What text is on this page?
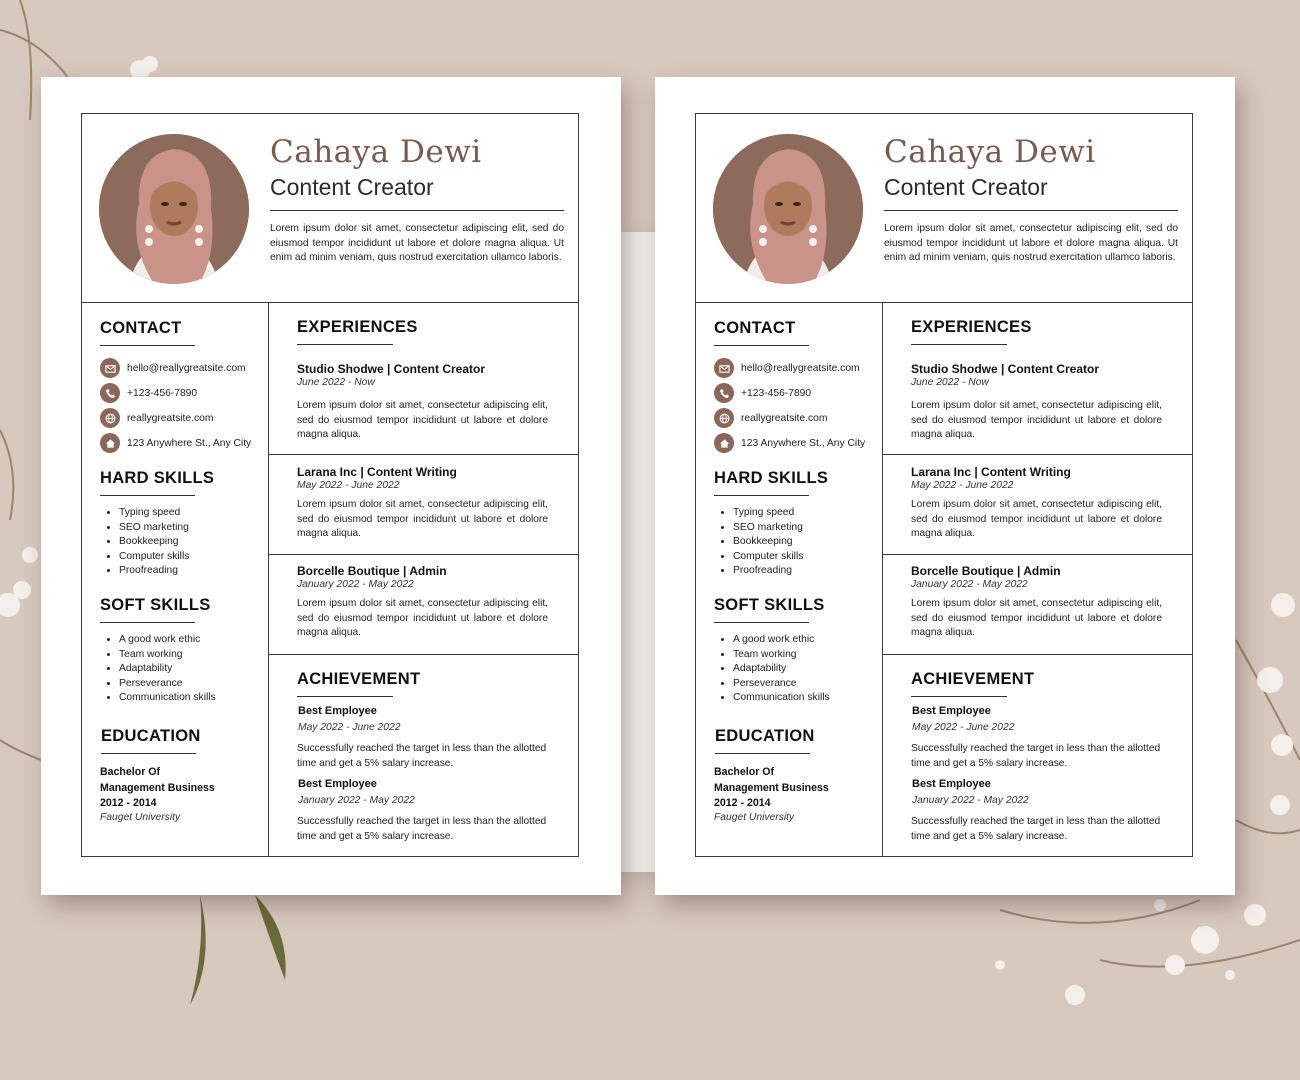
Cahaya Dewi
Content Creator
Lorem ipsum dolor sit amet, consectetur adipiscing elit, sed do eiusmod tempor incididunt ut labore et dolore magna aliqua. Ut enim ad minim veniam, quis nostrud exercitation ullamco laboris.
CONTACT
hello@reallygreatsite.com
+123-456-7890
reallygreatsite.com
123 Anywhere St., Any City
HARD SKILLS
• Typing speed
• SEO marketing
• Bookkeeping
• Computer skills
• Proofreading
SOFT SKILLS
• A good work ethic
• Team working
• Adaptability
• Perseverance
• Communication skills
EDUCATION
Bachelor Of
Management Business
2012 - 2014
Fauget University
EXPERIENCES
Studio Shodwe | Content Creator
June 2022 - Now
Lorem ipsum dolor sit amet, consectetur adipiscing elit, sed do eiusmod tempor incididunt ut labore et dolore magna aliqua.
Larana Inc | Content Writing
May 2022 - June 2022
Lorem ipsum dolor sit amet, consectetur adipiscing elit, sed do eiusmod tempor incididunt ut labore et dolore magna aliqua.
Borcelle Boutique | Admin
January 2022 - May 2022
Lorem ipsum dolor sit amet, consectetur adipiscing elit, sed do eiusmod tempor incididunt ut labore et dolore magna aliqua.
ACHIEVEMENT
Best Employee
May 2022 - June 2022
Successfully reached the target in less than the allotted time and get a 5% salary increase.
Best Employee
January 2022 - May 2022
Successfully reached the target in less than the allotted time and get a 5% salary increase.
Cahaya Dewi
Content Creator
Lorem ipsum dolor sit amet, consectetur adipiscing elit, sed do eiusmod tempor incididunt ut labore et dolore magna aliqua. Ut enim ad minim veniam, quis nostrud exercitation ullamco laboris.
CONTACT
hello@reallygreatsite.com
+123-456-7890
reallygreatsite.com
123 Anywhere St., Any City
HARD SKILLS
• Typing speed
• SEO marketing
• Bookkeeping
• Computer skills
• Proofreading
SOFT SKILLS
• A good work ethic
• Team working
• Adaptability
• Perseverance
• Communication skills
EDUCATION
Bachelor Of
Management Business
2012 - 2014
Fauget University
EXPERIENCES
Studio Shodwe | Content Creator
June 2022 - Now
Lorem ipsum dolor sit amet, consectetur adipiscing elit, sed do eiusmod tempor incididunt ut labore et dolore magna aliqua.
Larana Inc | Content Writing
May 2022 - June 2022
Lorem ipsum dolor sit amet, consectetur adipiscing elit, sed do eiusmod tempor incididunt ut labore et dolore magna aliqua.
Borcelle Boutique | Admin
January 2022 - May 2022
Lorem ipsum dolor sit amet, consectetur adipiscing elit, sed do eiusmod tempor incididunt ut labore et dolore magna aliqua.
ACHIEVEMENT
Best Employee
May 2022 - June 2022
Successfully reached the target in less than the allotted time and get a 5% salary increase.
Best Employee
January 2022 - May 2022
Successfully reached the target in less than the allotted time and get a 5% salary increase.
